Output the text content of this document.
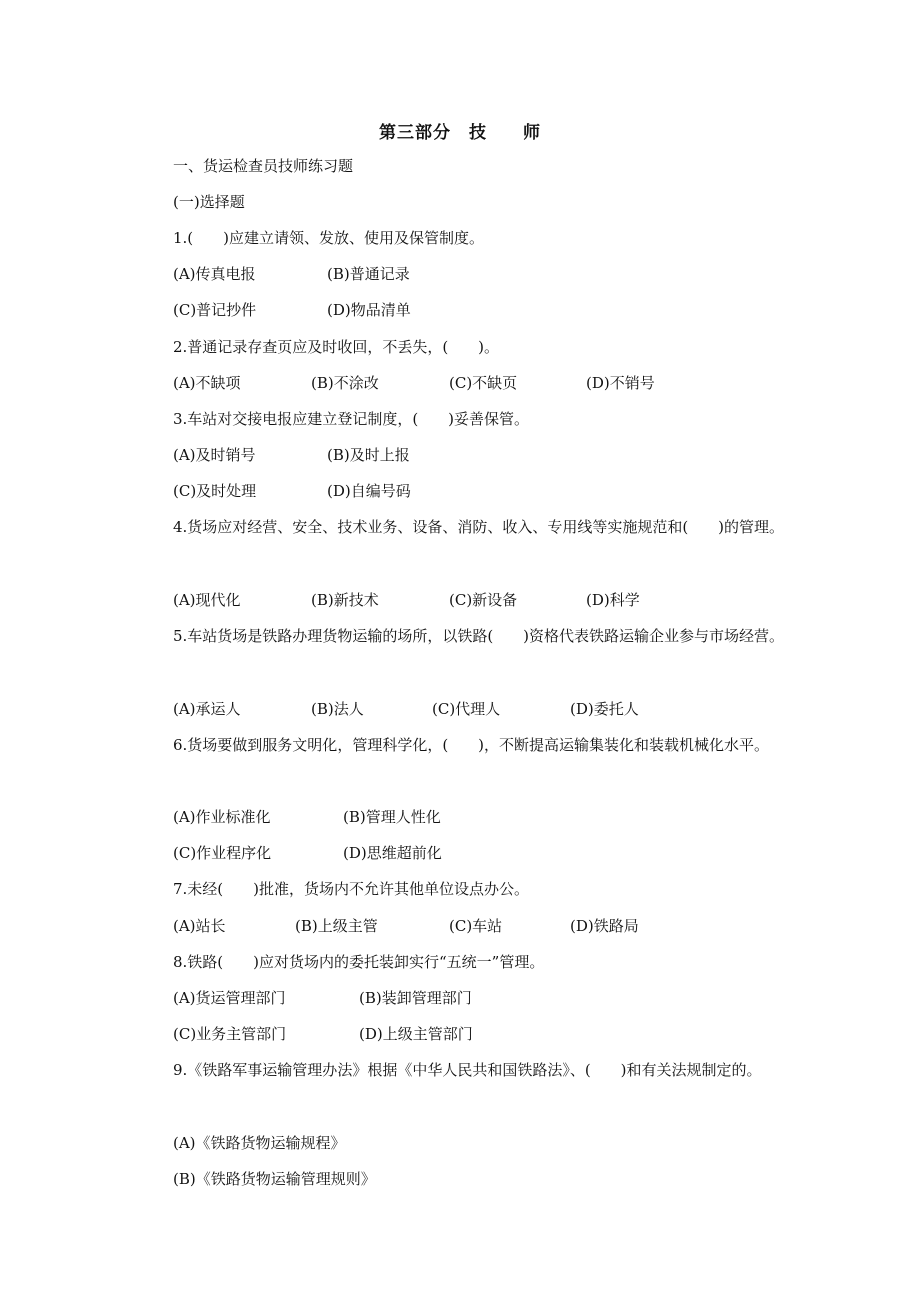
第三部分　技　　师
一、货运检查员技师练习题
(一)选择题
1.(　　)应建立请领、发放、使用及保管制度。
(A)传真电报	(B)普通记录
(C)普记抄件	(D)物品清单
2.普通记录存查页应及时收回，不丢失，(　　)。
(A)不缺项	(B)不涂改	(C)不缺页	(D)不销号
3.车站对交接电报应建立登记制度，(　　)妥善保管。
(A)及时销号	(B)及时上报
(C)及时处理	(D)自编号码
4.货场应对经营、安全、技术业务、设备、消防、收入、专用线等实施规范和(　　)的管理。
(A)现代化	(B)新技术	(C)新设备	(D)科学
5.车站货场是铁路办理货物运输的场所，以铁路(　　)资格代表铁路运输企业参与市场经营。
(A)承运人	(B)法人	(C)代理人	(D)委托人
6.货场要做到服务文明化，管理科学化，(　　)，不断提高运输集装化和装载机械化水平。
(A)作业标准化	(B)管理人性化
(C)作业程序化	(D)思维超前化
7.未经(　　)批准，货场内不允许其他单位设点办公。
(A)站长	(B)上级主管	(C)车站	(D)铁路局
8.铁路(　　)应对货场内的委托装卸实行“五统一”管理。
(A)货运管理部门	(B)装卸管理部门
(C)业务主管部门	(D)上级主管部门
9.《铁路军事运输管理办法》根据《中华人民共和国铁路法》、(　　)和有关法规制定的。
(A)《铁路货物运输规程》
(B)《铁路货物运输管理规则》
